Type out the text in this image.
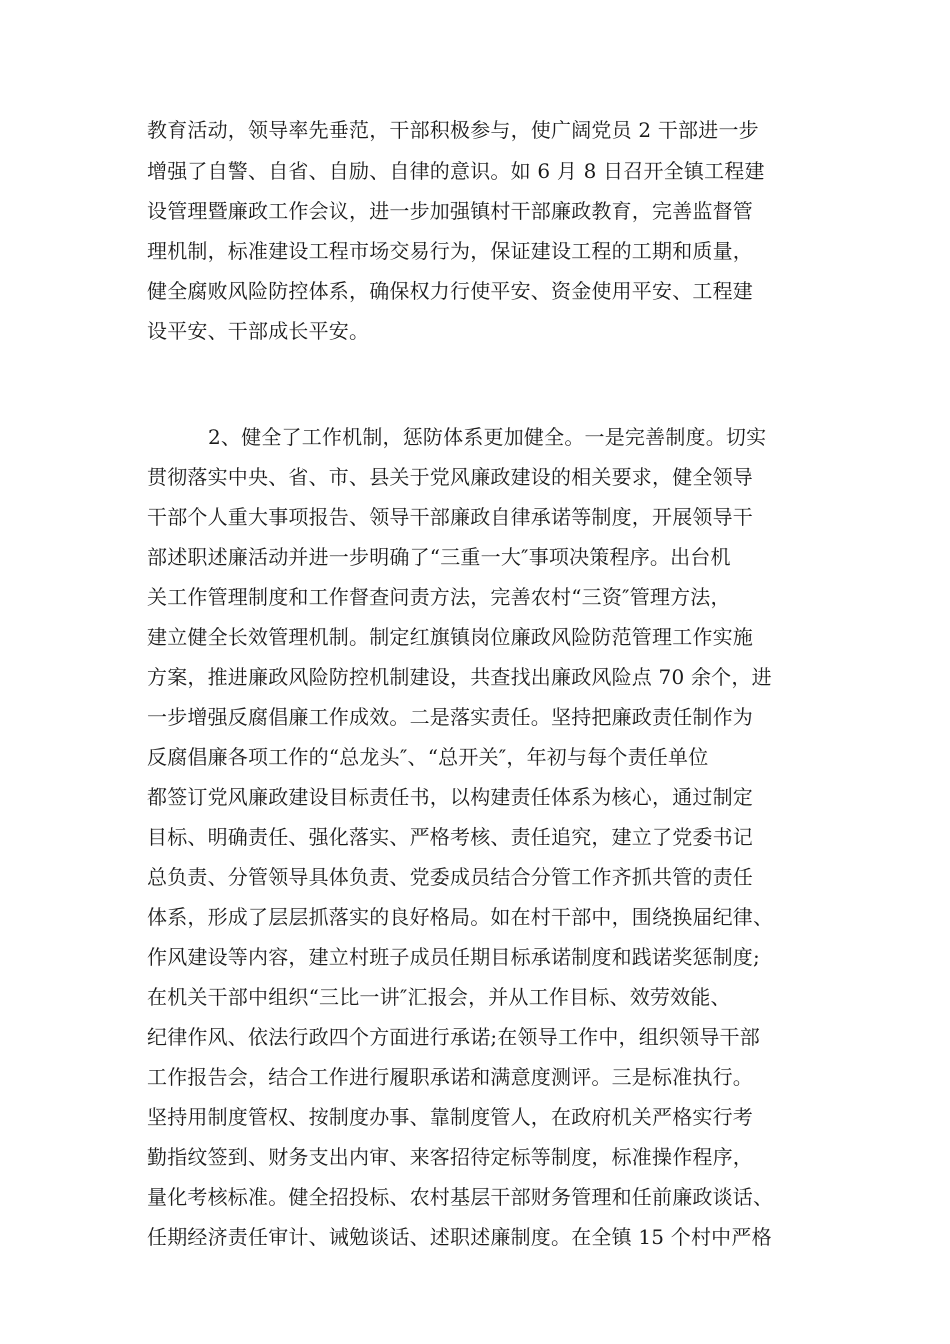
教育活动，领导率先垂范，干部积极参与，使广阔党员 2 干部进一步
增强了自警、自省、自励、自律的意识。如 6 月 8 日召开全镇工程建
设管理暨廉政工作会议，进一步加强镇村干部廉政教育，完善监督管
理机制，标准建设工程市场交易行为，保证建设工程的工期和质量，
健全腐败风险防控体系，确保权力行使平安、资金使用平安、工程建
设平安、干部成长平安。
2、健全了工作机制，惩防体系更加健全。一是完善制度。切实
贯彻落实中央、省、市、县关于党风廉政建设的相关要求，健全领导
干部个人重大事项报告、领导干部廉政自律承诺等制度，开展领导干
部述职述廉活动并进一步明确了“三重一大″事项决策程序。出台机
关工作管理制度和工作督查问责方法，完善农村“三资″管理方法，
建立健全长效管理机制。制定红旗镇岗位廉政风险防范管理工作实施
方案，推进廉政风险防控机制建设，共查找出廉政风险点 70 余个，进
一步增强反腐倡廉工作成效。二是落实责任。坚持把廉政责任制作为
反腐倡廉各项工作的“总龙头″、“总开关″，年初与每个责任单位
都签订党风廉政建设目标责任书，以构建责任体系为核心，通过制定
目标、明确责任、强化落实、严格考核、责任追究，建立了党委书记
总负责、分管领导具体负责、党委成员结合分管工作齐抓共管的责任
体系，形成了层层抓落实的良好格局。如在村干部中，围绕换届纪律、
作风建设等内容，建立村班子成员任期目标承诺制度和践诺奖惩制度;
在机关干部中组织“三比一讲″汇报会，并从工作目标、效劳效能、
纪律作风、依法行政四个方面进行承诺;在领导工作中，组织领导干部
工作报告会，结合工作进行履职承诺和满意度测评。三是标准执行。
坚持用制度管权、按制度办事、靠制度管人，在政府机关严格实行考
勤指纹签到、财务支出内审、来客招待定标等制度，标准操作程序，
量化考核标准。健全招投标、农村基层干部财务管理和任前廉政谈话、
任期经济责任审计、诫勉谈话、述职述廉制度。在全镇 15 个村中严格
